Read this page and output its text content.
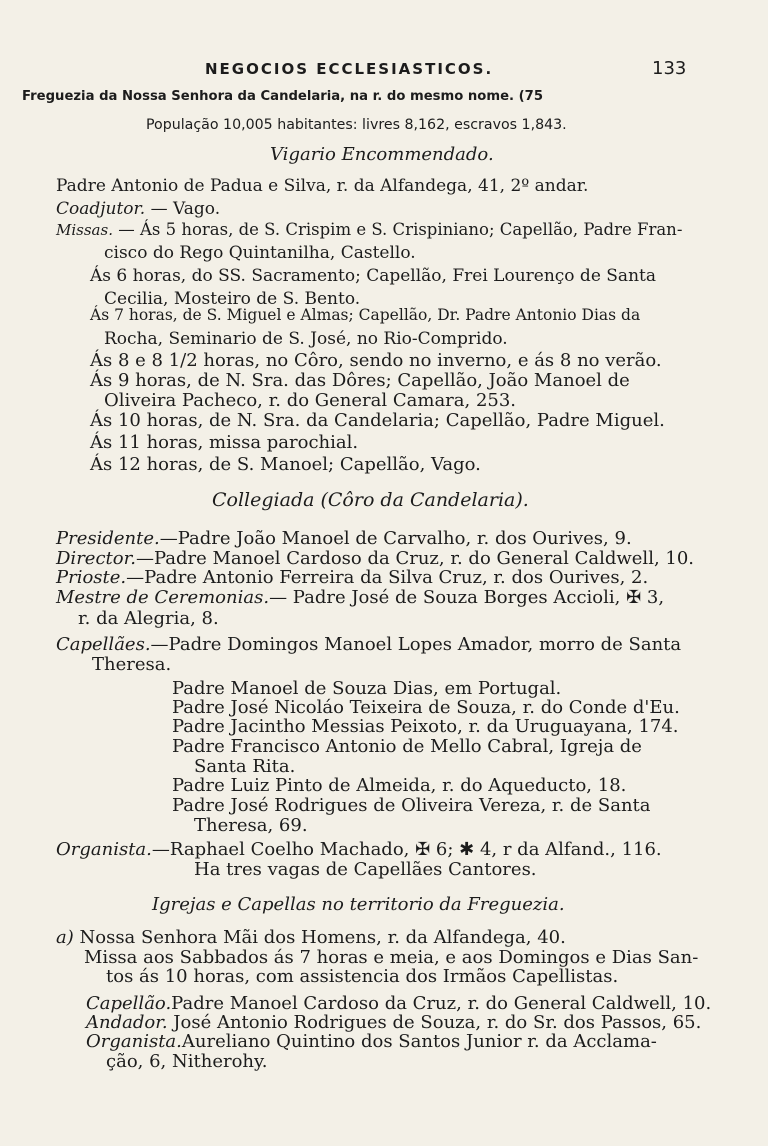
NEGOCIOS ECCLESIASTICOS.	133
Freguezia da Nossa Senhora da Candelaria, na r. do mesmo nome. (75
População 10,005 habitantes: livres 8,162, escravos 1,843.
Vigario Encommendado.
Padre Antonio de Padua e Silva, r. da Alfandega, 41, 2º andar.
Coadjutor. — Vago.
Missas. — Ás 5 horas, de S. Crispim e S. Crispiniano; Capellão, Padre Fran-
cisco do Rego Quintanilha, Castello.
Ás 6 horas, do SS. Sacramento; Capellão, Frei Lourenço de Santa
Cecilia, Mosteiro de S. Bento.
Ás 7 horas, de S. Miguel e Almas; Capellão, Dr. Padre Antonio Dias da
Rocha, Seminario de S. José, no Rio-Comprido.
Ás 8 e 8 1/2 horas, no Côro, sendo no inverno, e ás 8 no verão.
Ás 9 horas, de N. Sra. das Dôres; Capellão, João Manoel de
Oliveira Pacheco, r. do General Camara, 253.
Ás 10 horas, de N. Sra. da Candelaria; Capellão, Padre Miguel.
Ás 11 horas, missa parochial.
Ás 12 horas, de S. Manoel; Capellão, Vago.
Collegiada (Côro da Candelaria).
Presidente.—Padre João Manoel de Carvalho, r. dos Ourives, 9.
Director.—Padre Manoel Cardoso da Cruz, r. do General Caldwell, 10.
Prioste.—Padre Antonio Ferreira da Silva Cruz, r. dos Ourives, 2.
Mestre de Ceremonias.— Padre José de Souza Borges Accioli, ✠ 3,
r. da Alegria, 8.
Capellães.—Padre Domingos Manoel Lopes Amador, morro de Santa
Theresa.
Padre Manoel de Souza Dias, em Portugal.
Padre José Nicoláo Teixeira de Souza, r. do Conde d'Eu.
Padre Jacintho Messias Peixoto, r. da Uruguayana, 174.
Padre Francisco Antonio de Mello Cabral, Igreja de
Santa Rita.
Padre Luiz Pinto de Almeida, r. do Aqueducto, 18.
Padre José Rodrigues de Oliveira Vereza, r. de Santa
Theresa, 69.
Organista.—Raphael Coelho Machado, ✠ 6; ✱ 4, r da Alfand., 116.
Ha tres vagas de Capellães Cantores.
Igrejas e Capellas no territorio da Freguezia.
a) Nossa Senhora Mãi dos Homens, r. da Alfandega, 40.
Missa aos Sabbados ás 7 horas e meia, e aos Domingos e Dias San-
tos ás 10 horas, com assistencia dos Irmãos Capellistas.
Capellão.Padre Manoel Cardoso da Cruz, r. do General Caldwell, 10.
Andador. José Antonio Rodrigues de Souza, r. do Sr. dos Passos, 65.
Organista.Aureliano Quintino dos Santos Junior r. da Acclama-
ção, 6, Nitherohy.
